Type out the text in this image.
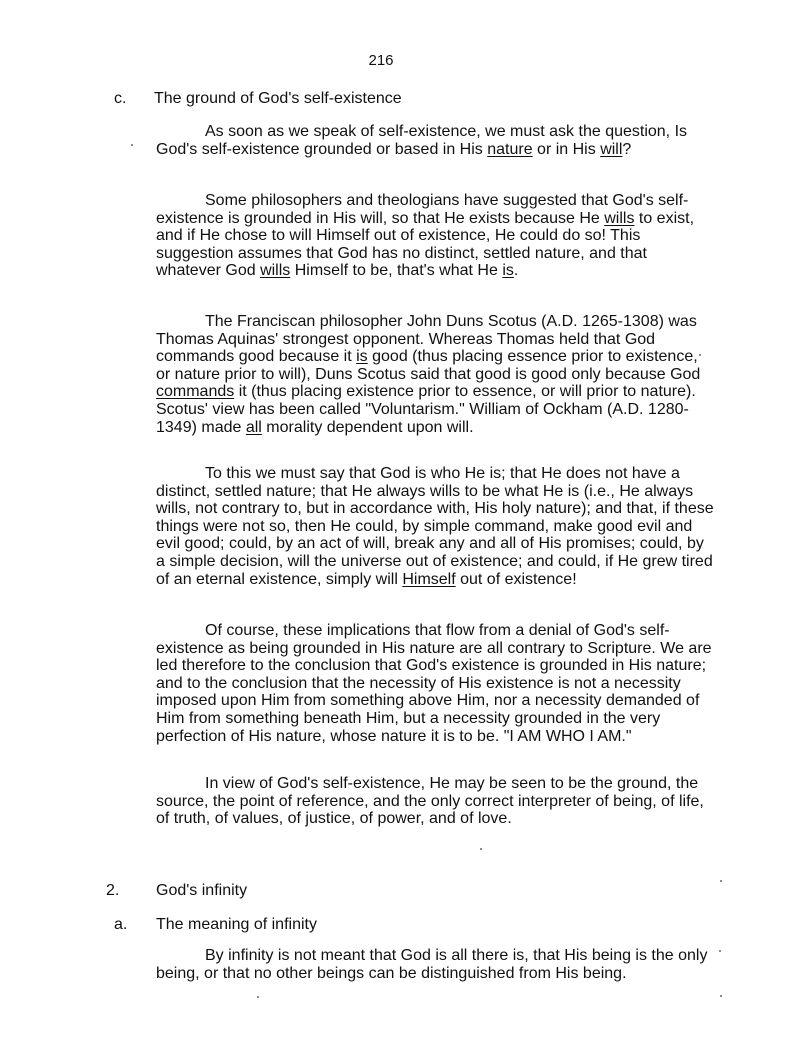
216
c. The ground of God's self-existence

As soon as we speak of self-existence, we must ask the question, Is God's self-existence grounded or based in His nature or in His will?

Some philosophers and theologians have suggested that God's self-existence is grounded in His will, so that He exists because He wills to exist, and if He chose to will Himself out of existence, He could do so! This suggestion assumes that God has no distinct, settled nature, and that whatever God wills Himself to be, that's what He is.

The Franciscan philosopher John Duns Scotus (A.D. 1265-1308) was Thomas Aquinas' strongest opponent. Whereas Thomas held that God commands good because it is good (thus placing essence prior to existence, or nature prior to will), Duns Scotus said that good is good only because God commands it (thus placing existence prior to essence, or will prior to nature). Scotus' view has been called "Voluntarism." William of Ockham (A.D. 1280-1349) made all morality dependent upon will.

To this we must say that God is who He is; that He does not have a distinct, settled nature; that He always wills to be what He is (i.e., He always wills, not contrary to, but in accordance with, His holy nature); and that, if these things were not so, then He could, by simple command, make good evil and evil good; could, by an act of will, break any and all of His promises; could, by a simple decision, will the universe out of existence; and could, if He grew tired of an eternal existence, simply will Himself out of existence!

Of course, these implications that flow from a denial of God's self-existence as being grounded in His nature are all contrary to Scripture. We are led therefore to the conclusion that God's existence is grounded in His nature; and to the conclusion that the necessity of His existence is not a necessity imposed upon Him from something above Him, nor a necessity demanded of Him from something beneath Him, but a necessity grounded in the very perfection of His nature, whose nature it is to be. "I AM WHO I AM."

In view of God's self-existence, He may be seen to be the ground, the source, the point of reference, and the only correct interpreter of being, of life, of truth, of values, of justice, of power, and of love.

2. God's infinity
a. The meaning of infinity

By infinity is not meant that God is all there is, that His being is the only being, or that no other beings can be distinguished from His being.
